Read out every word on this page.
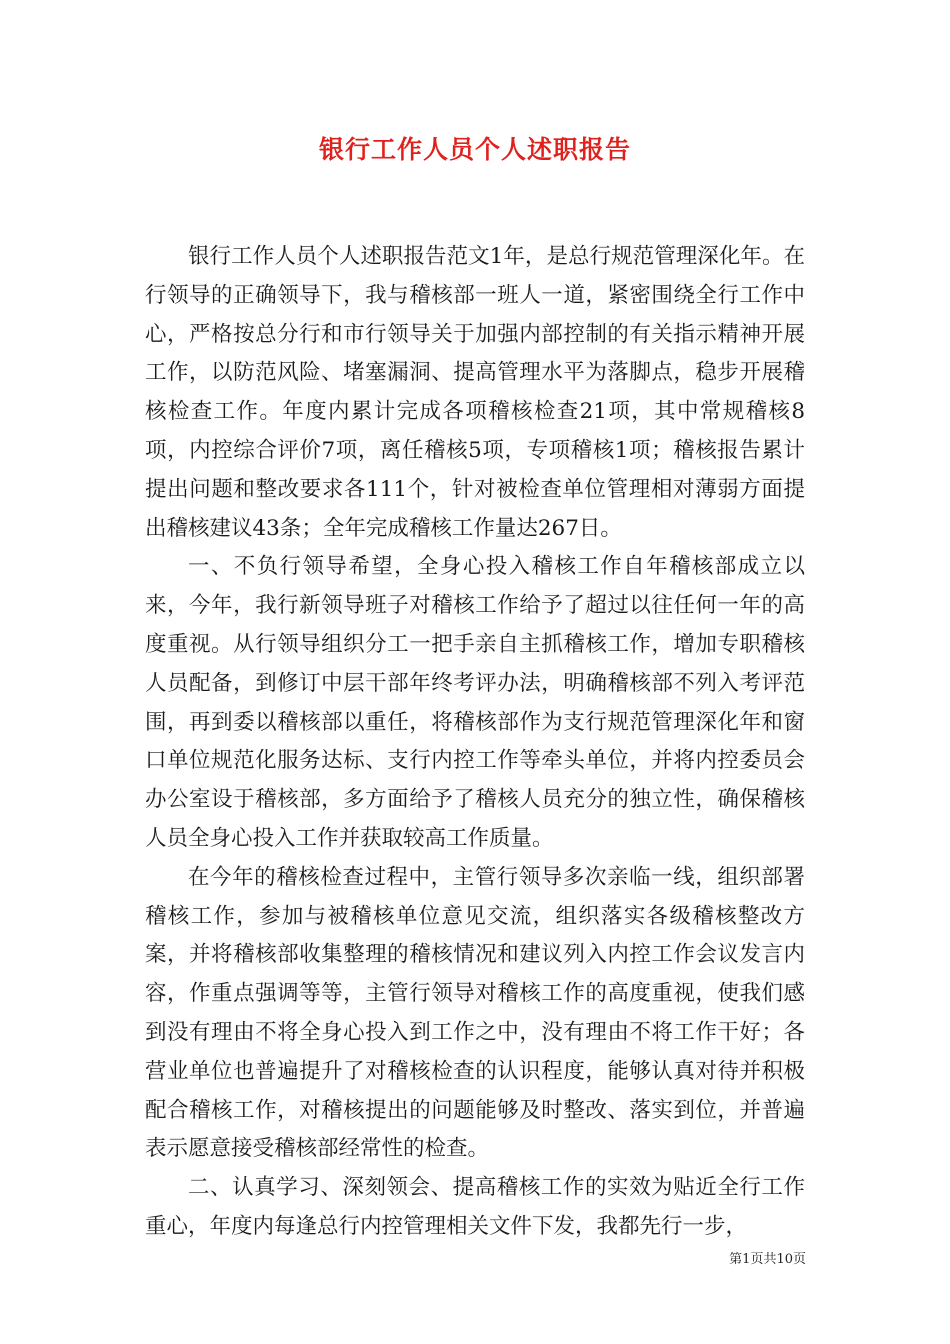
银行工作人员个人述职报告

银行工作人员个人述职报告范文1年，是总行规范管理深化年。在行领导的正确领导下，我与稽核部一班人一道，紧密围绕全行工作中心，严格按总分行和市行领导关于加强内部控制的有关指示精神开展工作，以防范风险、堵塞漏洞、提高管理水平为落脚点，稳步开展稽核检查工作。年度内累计完成各项稽核检查21项，其中常规稽核8项，内控综合评价7项，离任稽核5项，专项稽核1项；稽核报告累计提出问题和整改要求各111个，针对被检查单位管理相对薄弱方面提出稽核建议43条；全年完成稽核工作量达267日。

一、不负行领导希望，全身心投入稽核工作自年稽核部成立以来，今年，我行新领导班子对稽核工作给予了超过以往任何一年的高度重视。从行领导组织分工一把手亲自主抓稽核工作，增加专职稽核人员配备，到修订中层干部年终考评办法，明确稽核部不列入考评范围，再到委以稽核部以重任，将稽核部作为支行规范管理深化年和窗口单位规范化服务达标、支行内控工作等牵头单位，并将内控委员会办公室设于稽核部，多方面给予了稽核人员充分的独立性，确保稽核人员全身心投入工作并获取较高工作质量。

在今年的稽核检查过程中，主管行领导多次亲临一线，组织部署稽核工作，参加与被稽核单位意见交流，组织落实各级稽核整改方案，并将稽核部收集整理的稽核情况和建议列入内控工作会议发言内容，作重点强调等等，主管行领导对稽核工作的高度重视，使我们感到没有理由不将全身心投入到工作之中，没有理由不将工作干好；各营业单位也普遍提升了对稽核检查的认识程度，能够认真对待并积极配合稽核工作，对稽核提出的问题能够及时整改、落实到位，并普遍表示愿意接受稽核部经常性的检查。

二、认真学习、深刻领会、提高稽核工作的实效为贴近全行工作重心，年度内每逢总行内控管理相关文件下发，我都先行一步，

第1页共10页
